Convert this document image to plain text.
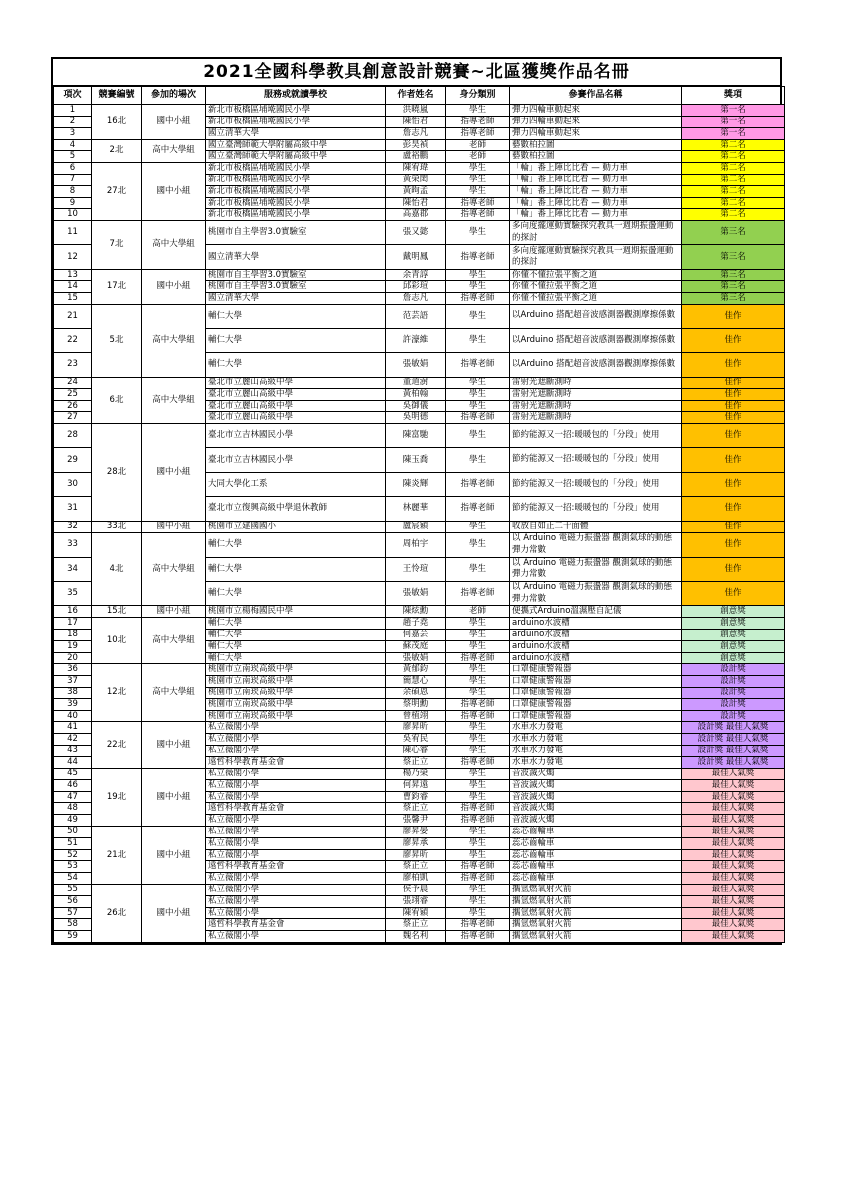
2021全國科學教具創意設計競賽~北區獲獎作品名冊
項次	競賽編號	參加的場次	服務或就讀學校	作者姓名	身分類別	參賽作品名稱	獎項
1	16北	國中小組	新北市板橋區埔墘國民小學	洪曉嵐	學生	彈力四輪車動起來	第一名
2			新北市板橋區埔墘國民小學	陳怡君	指導老師	彈力四輪車動起來	第一名
3			國立清華大學	詹志凡	指導老師	彈力四輪車動起來	第一名
4	2北	高中大學組	國立臺灣師範大學附屬高級中學	彭昊禎	老師	藝數柏拉圖	第二名
5			國立臺灣師範大學附屬高級中學	盧裕鵬	老師	藝數柏拉圖	第二名
6	27北	國中小組	新北市板橋區埔墘國民小學	陳宥瑋	學生	「輪」番上陣比比看 — 動力車	第二名
7			新北市板橋區埔墘國民小學	黃榮閎	學生	「輪」番上陣比比看 — 動力車	第二名
8			新北市板橋區埔墘國民小學	黃昫孟	學生	「輪」番上陣比比看 — 動力車	第二名
9			新北市板橋區埔墘國民小學	陳怡君	指導老師	「輪」番上陣比比看 — 動力車	第二名
10			新北市板橋區埔墘國民小學	高嘉郡	指導老師	「輪」番上陣比比看 — 動力車	第二名
11	7北	高中大學組	桃園市自主學習3.0實驗室	張又懿	學生	多向度擺運動實驗探究教具一週期振盪運動的探討	第三名
12			國立清華大學	戴明鳳	指導老師	多向度擺運動實驗探究教具一週期振盪運動的探討	第三名
13	17北	國中小組	桃園市自主學習3.0實驗室	余青諄	學生	你懂不懂拉張平衡之道	第三名
14			桃園市自主學習3.0實驗室	邱彩瑄	學生	你懂不懂拉張平衡之道	第三名
15			國立清華大學	詹志凡	指導老師	你懂不懂拉張平衡之道	第三名
21	5北	高中大學組	輔仁大學	范芸語	學生	以Arduino 搭配超音波感測器觀測摩擦係數	佳作
22			輔仁大學	許濠維	學生	以Arduino 搭配超音波感測器觀測摩擦係數	佳作
23			輔仁大學	張敏娟	指導老師	以Arduino 搭配超音波感測器觀測摩擦係數	佳作
24	6北	高中大學組	臺北市立麗山高級中學	董道澍	學生	雷射光遮斷測時	佳作
25			臺北市立麗山高級中學	黃柏翰	學生	雷射光遮斷測時	佳作
26			臺北市立麗山高級中學	吳御儀	學生	雷射光遮斷測時	佳作
27			臺北市立麗山高級中學	吳明德	指導老師	雷射光遮斷測時	佳作
28	28北	國中小組	臺北市立吉林國民小學	陳富馳	學生	節約能源又一招:暖暖包的「分段」使用	佳作
29			臺北市立吉林國民小學	陳玉喬	學生	節約能源又一招:暖暖包的「分段」使用	佳作
30			大同大學化工系	陳炎輝	指導老師	節約能源又一招:暖暖包的「分段」使用	佳作
31			臺北市立復興高級中學退休教師	林麗華	指導老師	節約能源又一招:暖暖包的「分段」使用	佳作
32	33北	國中小組	桃園市立建國國小	盧宸穎	學生	收放自如正二十面體	佳作
33	4北	高中大學組	輔仁大學	周柏宇	學生	以 Arduino 電磁力振盪器 觀測氣球的動態彈力常數	佳作
34			輔仁大學	王怜瑄	學生	以 Arduino 電磁力振盪器 觀測氣球的動態彈力常數	佳作
35			輔仁大學	張敏娟	指導老師	以 Arduino 電磁力振盪器 觀測氣球的動態彈力常數	佳作
16	15北	國中小組	桃園市立楊梅國民中學	陳炫勳	老師	便攜式Arduino溫濕壓自記儀	創意獎
17	10北	高中大學組	輔仁大學	趙子堯	學生	arduino水波槽	創意獎
18			輔仁大學	何嘉芸	學生	arduino水波槽	創意獎
19			輔仁大學	蘇茂庭	學生	arduino水波槽	創意獎
20			輔仁大學	張敏娟	指導老師	arduino水波槽	創意獎
36	12北	高中大學組	桃園市立南崁高級中學	黃郁鈞	學生	口罩健康警報器	設計獎
37			桃園市立南崁高級中學	簡慧心	學生	口罩健康警報器	設計獎
38			桃園市立南崁高級中學	余碩恩	學生	口罩健康警報器	設計獎
39			桃園市立南崁高級中學	蔡明勳	指導老師	口罩健康警報器	設計獎
40			桃園市立南崁高級中學	曾植翊	指導老師	口罩健康警報器	設計獎
41	22北	國中小組	私立薇閣小學	廖昇昕	學生	水車水力發電	設計獎 最佳人氣獎
42			私立薇閣小學	吳宥民	學生	水車水力發電	設計獎 最佳人氣獎
43			私立薇閣小學	陳心睿	學生	水車水力發電	設計獎 最佳人氣獎
44			遠哲科學教育基金會	蔡正立	指導老師	水車水力發電	設計獎 最佳人氣獎
45	19北	國中小組	私立薇閣小學	楊乃榮	學生	音波滅火燭	最佳人氣獎
46			私立薇閣小學	何昇遠	學生	音波滅火燭	最佳人氣獎
47			私立薇閣小學	曹鈞睿	學生	音波滅火燭	最佳人氣獎
48			遠哲科學教育基金會	蔡正立	指導老師	音波滅火燭	最佳人氣獎
49			私立薇閣小學	張馨尹	指導老師	音波滅火燭	最佳人氣獎
50	21北	國中小組	私立薇閣小學	廖昇晏	學生	蕊芯齒輪車	最佳人氣獎
51			私立薇閣小學	廖昇承	學生	蕊芯齒輪車	最佳人氣獎
52			私立薇閣小學	廖昇昕	學生	蕊芯齒輪車	最佳人氣獎
53			遠哲科學教育基金會	蔡正立	指導老師	蕊芯齒輪車	最佳人氣獎
54			私立薇閣小學	廖柏凱	指導老師	蕊芯齒輪車	最佳人氣獎
55	26北	國中小組	私立薇閣小學	侯予晨	學生	攜氫燃氧射火箭	最佳人氣獎
56			私立薇閣小學	張翊睿	學生	攜氫燃氧射火箭	最佳人氣獎
57			私立薇閣小學	陳宥穎	學生	攜氫燃氧射火箭	最佳人氣獎
58			遠哲科學教育基金會	蔡正立	指導老師	攜氫燃氧射火箭	最佳人氣獎
59			私立薇閣小學	魏名利	指導老師	攜氫燃氧射火箭	最佳人氣獎
